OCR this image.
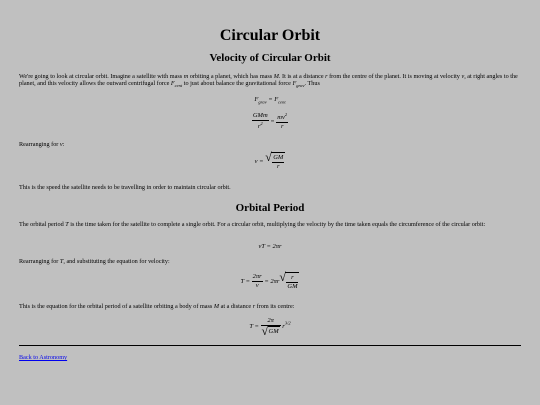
Circular Orbit
Velocity of Circular Orbit

We're going to look at circular orbit. Imagine a satellite with mass m orbiting a planet, which has mass M. It is at a distance r from the centre of the planet. It is moving at velocity v, at right angles to the planet, and this velocity allows the outward centrifugal force $F_{cent}$ to just about balance the gravitational force $F_{grav}$. Thus

$F_{grav} = F_{cent}$
$\frac{\text{GMm}}{r^2} = \frac{mv^2}{r}$

Rearranging for v:

v = √ $\frac{GM}{r}$

This is the speed the satellite needs to be travelling in order to maintain circular orbit.

Orbital Period

The orbital period T is the time taken for the satellite to complete a single orbit. For a circular orbit, multiplying the velocity by the time taken equals the circumference of the circular orbit:

vT = 2πr

Rearranging for T, and substituting the equation for velocity:

$T = \frac{2\pi r}{v} = 2\pi r$ √ $\frac{r}{GM}$

This is the equation for the orbital period of a satellite orbiting a body of mass M at a distance r from its centre:

$T = \frac{2\pi}{√ GM} r^{3/2}$
Back to Astronomy
